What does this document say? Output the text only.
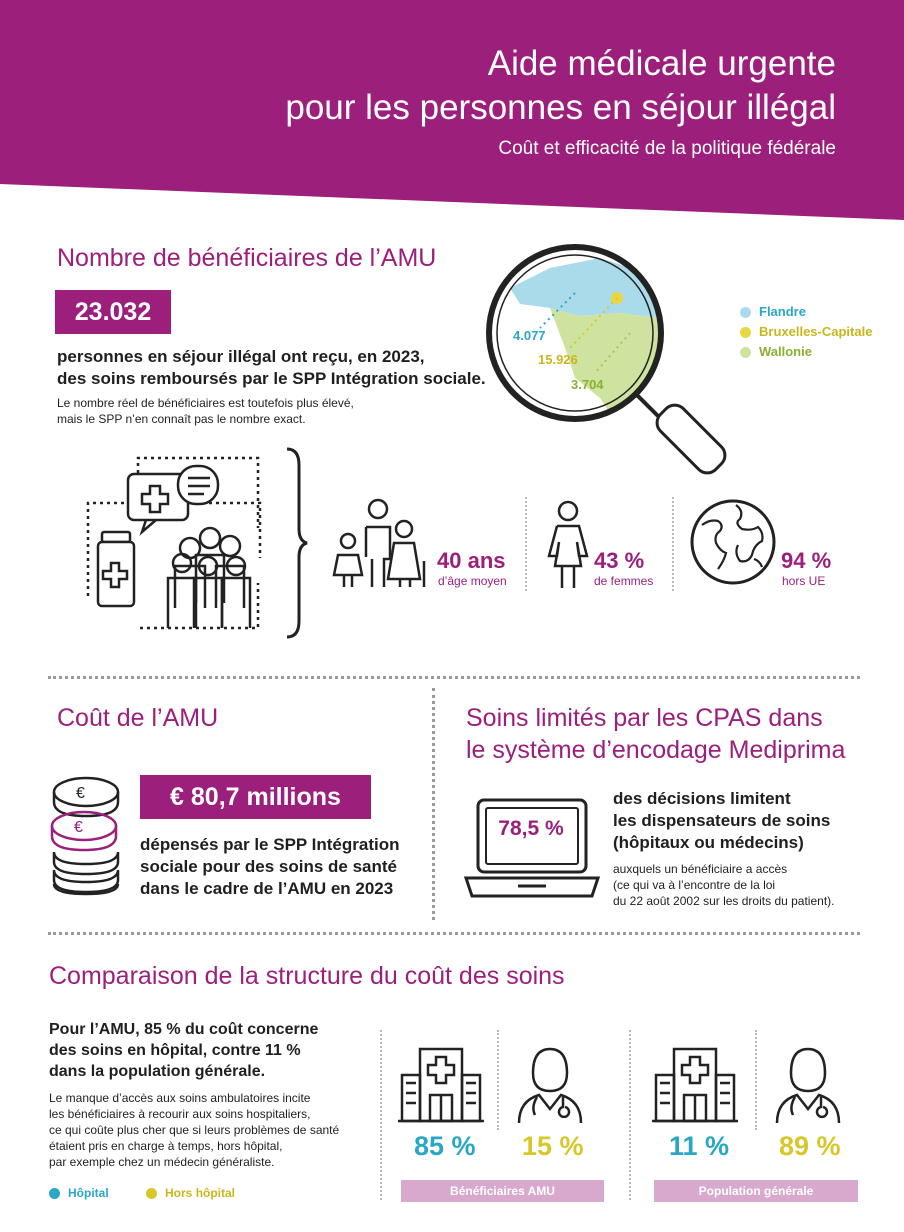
Aide médicale urgente
pour les personnes en séjour illégal
Coût et efficacité de la politique fédérale
Nombre de bénéficiaires de l’AMU
23.032
personnes en séjour illégal ont reçu, en 2023,
des soins remboursés par le SPP Intégration sociale.
Le nombre réel de bénéficiaires est toutefois plus élevé,
mais le SPP n’en connaît pas le nombre exact.
4.077
15.926
3.704
Flandre
Bruxelles-Capitale
Wallonie
40 ans
d’âge moyen
43 %
de femmes
94 %
hors UE
Coût de l’AMU
€
€
€ 80,7 millions
dépensés par le SPP Intégration
sociale pour des soins de santé
dans le cadre de l’AMU en 2023
Soins limités par les CPAS dans
le système d’encodage Mediprima
78,5 %
des décisions limitent
les dispensateurs de soins
(hôpitaux ou médecins)
auxquels un bénéficiaire a accès
(ce qui va à l’encontre de la loi
du 22 août 2002 sur les droits du patient).
Comparaison de la structure du coût des soins
Pour l’AMU, 85 % du coût concerne
des soins en hôpital, contre 11 %
dans la population générale.
Le manque d’accès aux soins ambulatoires incite
les bénéficiaires à recourir aux soins hospitaliers,
ce qui coûte plus cher que si leurs problèmes de santé
étaient pris en charge à temps, hors hôpital,
par exemple chez un médecin généraliste.
Hôpital	Hors hôpital
85 % 15 %
Bénéficiaires AMU
11 % 89 %
Population générale
